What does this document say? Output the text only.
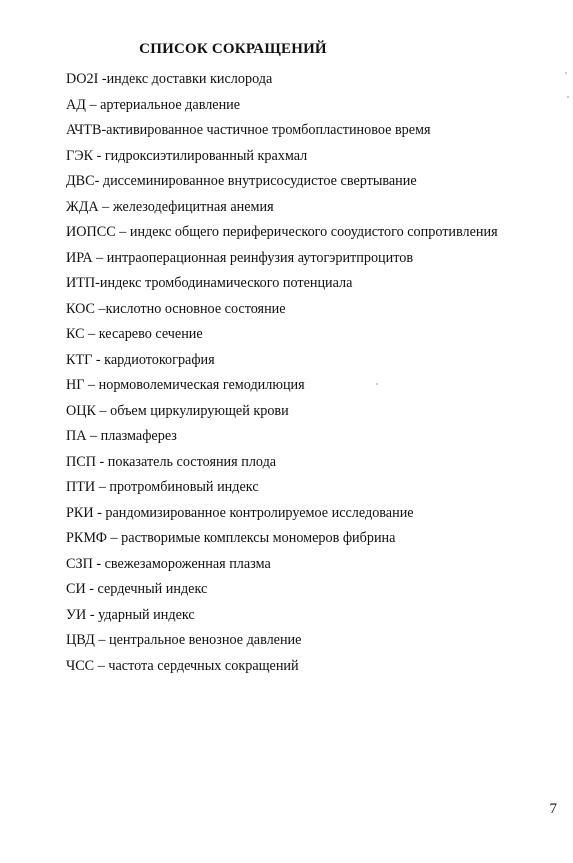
СПИСОК СОКРАЩЕНИЙ
DO2I -индекс доставки кислорода
АД – артериальное давление
АЧТВ-активированное частичное тромбопластиновое время
ГЭК - гидроксиэтилированный крахмал
ДВС- диссеминированное внутрисосудистое свертывание
ЖДА – железодефицитная анемия
ИОПСС – индекс общего периферического сооудистого сопротивления
ИРА – интраоперационная реинфузия аутогэритпроцитов
ИТП-индекс тромбодинамического потенциала
КОС –кислотно основное состояние
КС – кесарево сечение
КТГ - кардиотокография
НГ – нормоволемическая гемодилюция
ОЦК – объем циркулирующей крови
ПА – плазмаферез
ПСП - показатель состояния плода
ПТИ – протромбиновый индекс
РКИ - рандомизированное контролируемое исследование
РКМФ – растворимые комплексы мономеров фибрина
СЗП - свежезамороженная плазма
СИ - сердечный индекс
УИ - ударный индекс
ЦВД – центральное венозное давление
ЧСС – частота сердечных сокращений
7
